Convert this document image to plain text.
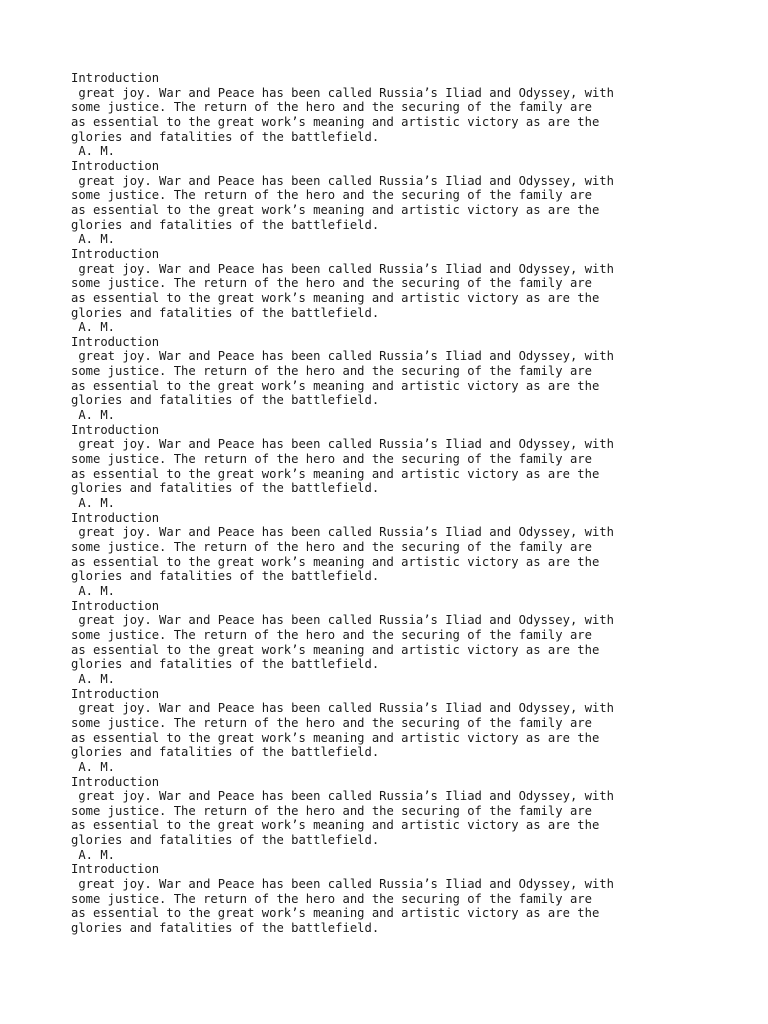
Introduction
great joy. War and Peace has been called Russia’s Iliad and Odyssey, with
some justice. The return of the hero and the securing of the family are
as essential to the great work’s meaning and artistic victory as are the
glories and fatalities of the battlefield.
A. M.
Introduction
great joy. War and Peace has been called Russia’s Iliad and Odyssey, with
some justice. The return of the hero and the securing of the family are
as essential to the great work’s meaning and artistic victory as are the
glories and fatalities of the battlefield.
A. M.
Introduction
great joy. War and Peace has been called Russia’s Iliad and Odyssey, with
some justice. The return of the hero and the securing of the family are
as essential to the great work’s meaning and artistic victory as are the
glories and fatalities of the battlefield.
A. M.
Introduction
great joy. War and Peace has been called Russia’s Iliad and Odyssey, with
some justice. The return of the hero and the securing of the family are
as essential to the great work’s meaning and artistic victory as are the
glories and fatalities of the battlefield.
A. M.
Introduction
great joy. War and Peace has been called Russia’s Iliad and Odyssey, with
some justice. The return of the hero and the securing of the family are
as essential to the great work’s meaning and artistic victory as are the
glories and fatalities of the battlefield.
A. M.
Introduction
great joy. War and Peace has been called Russia’s Iliad and Odyssey, with
some justice. The return of the hero and the securing of the family are
as essential to the great work’s meaning and artistic victory as are the
glories and fatalities of the battlefield.
A. M.
Introduction
great joy. War and Peace has been called Russia’s Iliad and Odyssey, with
some justice. The return of the hero and the securing of the family are
as essential to the great work’s meaning and artistic victory as are the
glories and fatalities of the battlefield.
A. M.
Introduction
great joy. War and Peace has been called Russia’s Iliad and Odyssey, with
some justice. The return of the hero and the securing of the family are
as essential to the great work’s meaning and artistic victory as are the
glories and fatalities of the battlefield.
A. M.
Introduction
great joy. War and Peace has been called Russia’s Iliad and Odyssey, with
some justice. The return of the hero and the securing of the family are
as essential to the great work’s meaning and artistic victory as are the
glories and fatalities of the battlefield.
A. M.
Introduction
great joy. War and Peace has been called Russia’s Iliad and Odyssey, with
some justice. The return of the hero and the securing of the family are
as essential to the great work’s meaning and artistic victory as are the
glories and fatalities of the battlefield.
